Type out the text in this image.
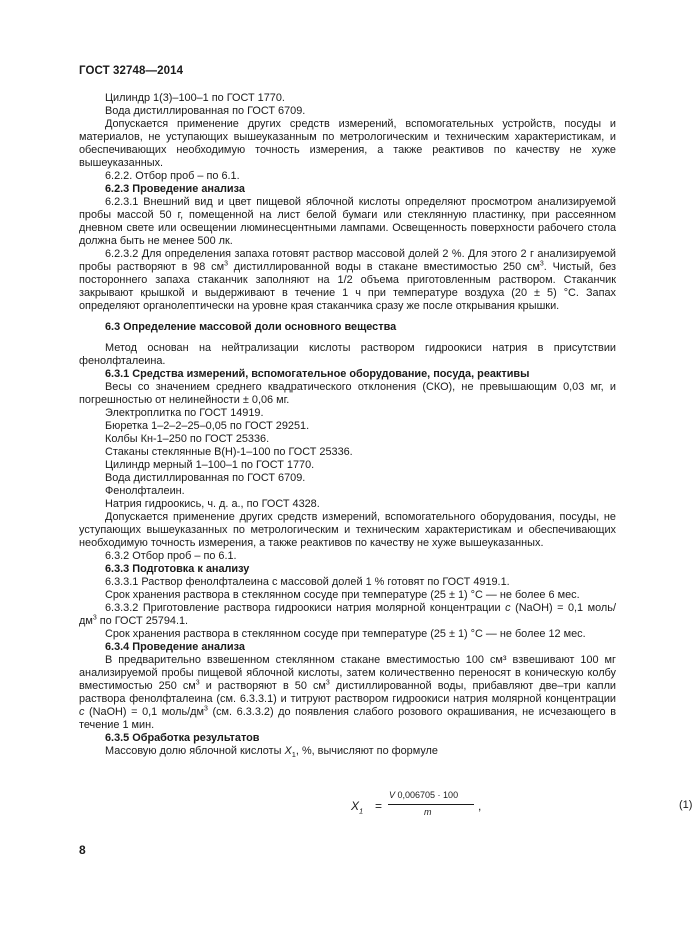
ГОСТ 32748—2014

Цилиндр 1(3)–100–1 по ГОСТ 1770.

Вода дистиллированная по ГОСТ 6709.

Допускается применение других средств измерений, вспомогательных устройств, посуды и материалов, не уступающих вышеуказанным по метрологическим и техническим характеристикам, и обеспечивающих необходимую точность измерения, а также реактивов по качеству не хуже вышеуказанных.

6.2.2. Отбор проб – по 6.1.

6.2.3 Проведение анализа

6.2.3.1 Внешний вид и цвет пищевой яблочной кислоты определяют просмотром анализируемой пробы массой 50 г, помещенной на лист белой бумаги или стеклянную пластинку, при рассеянном дневном свете или освещении люминесцентными лампами. Освещенность поверхности рабочего стола должна быть не менее 500 лк.

6.2.3.2 Для определения запаха готовят раствор массовой долей 2 %. Для этого 2 г анализируемой пробы растворяют в 98 $см^3$ дистиллированной воды в стакане вместимостью 250 $см^3$. Чистый, без постороннего запаха стаканчик заполняют на 1/2 объема приготовленным раствором. Стаканчик закрывают крышкой и выдерживают в течение 1 ч при температуре воздуха (20 ± 5) °С. Запах определяют органолептически на уровне края стаканчика сразу же после открывания крышки.

6.3 Определение массовой доли основного вещества

Метод основан на нейтрализации кислоты раствором гидроокиси натрия в присутствии фенолфталеина.

6.3.1 Средства измерений, вспомогательное оборудование, посуда, реактивы

Весы со значением среднего квадратического отклонения (СКО), не превышающим 0,03 мг, и погрешностью от нелинейности ± 0,06 мг.

Электроплитка по ГОСТ 14919.

Бюретка 1–2–2–25–0,05 по ГОСТ 29251.

Колбы Кн-1–250 по ГОСТ 25336.

Стаканы стеклянные В(Н)-1–100 по ГОСТ 25336.

Цилиндр мерный 1–100–1 по ГОСТ 1770.

Вода дистиллированная по ГОСТ 6709.

Фенолфталеин.

Натрия гидроокись, ч. д. а., по ГОСТ 4328.

Допускается применение других средств измерений, вспомогательного оборудования, посуды, не уступающих вышеуказанных по метрологическим и техническим характеристикам и обеспечивающих необходимую точность измерения, а также реактивов по качеству не хуже вышеуказанных.

6.3.2 Отбор проб – по 6.1.

6.3.3 Подготовка к анализу

6.3.3.1 Раствор фенолфталеина с массовой долей 1 % готовят по ГОСТ 4919.1.

Срок хранения раствора в стеклянном сосуде при температуре (25 ± 1) °С — не более 6 мес.

6.3.3.2 Приготовление раствора гидроокиси натрия молярной концентрации c (NaOH) = 0,1 моль/$дм^3$ по ГОСТ 25794.1.

Срок хранения раствора в стеклянном сосуде при температуре (25 ± 1) °С — не более 12 мес.

6.3.4 Проведение анализа

В предварительно взвешенном стеклянном стакане вместимостью 100 см³ взвешивают 100 мг анализируемой пробы пищевой яблочной кислоты, затем количественно переносят в коническую колбу вместимостью 250 $см^3$ и растворяют в 50 $см^3$ дистиллированной воды, прибавляют две–три капли раствора фенолфталеина (см. 6.3.3.1) и титруют раствором гидроокиси натрия молярной концентрации c (NaOH) = 0,1 моль/$дм^3$ (см. 6.3.3.2) до появления слабого розового окрашивания, не исчезающего в течение 1 мин.

6.3.5 Обработка результатов

Массовую долю яблочной кислоты $X_1$, %, вычисляют по формуле

$X_1$ =
V 0,006705 · 100
m	,	(1)
8
